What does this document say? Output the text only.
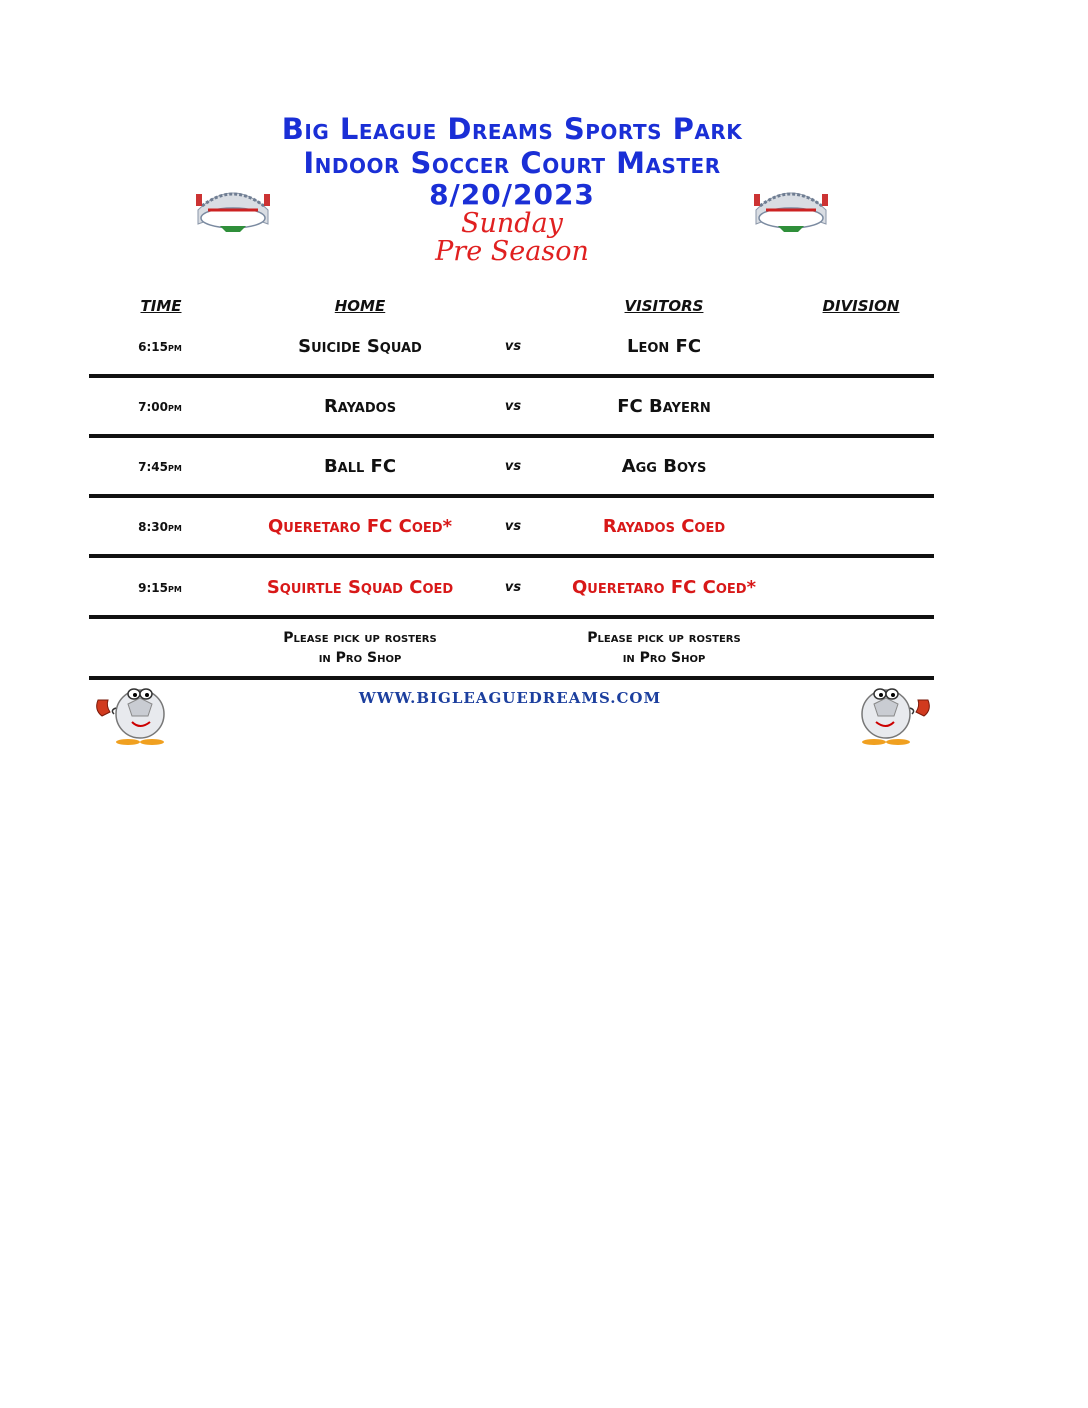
Big League Dreams Sports Park
Indoor Soccer Court Master
8/20/2023
Sunday
Pre Season
TIME	HOME	VISITORS	DIVISION
6:15pm	Suicide Squad	vs	Leon FC
7:00pm	Rayados	vs	FC Bayern
7:45pm	Ball FC	vs	Agg Boys
8:30pm	Queretaro FC Coed*	vs	Rayados Coed
9:15pm	Squirtle Squad Coed	vs	Queretaro FC Coed*
Please pick up rosters
in Pro Shop
Please pick up rosters
in Pro Shop
WWW.BIGLEAGUEDREAMS.COM
